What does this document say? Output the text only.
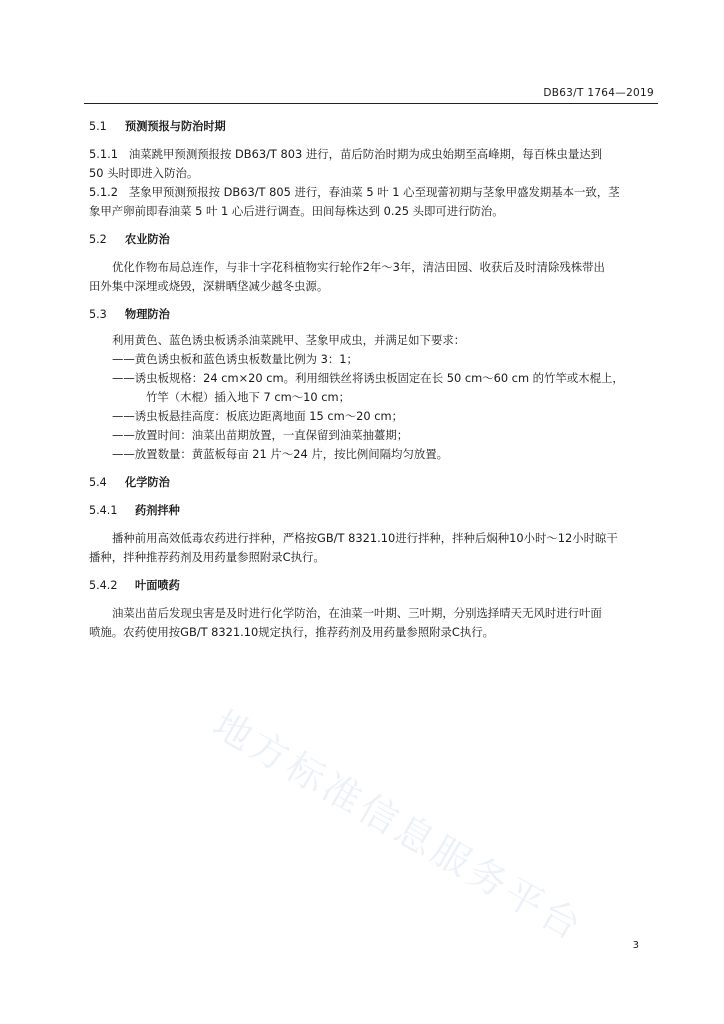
DB63/T 1764—2019

5.1 预测预报与防治时期

5.1.1 油菜跳甲预测预报按 DB63/T 803 进行，苗后防治时期为成虫始期至高峰期，每百株虫量达到

50 头时即进入防治。

5.1.2 茎象甲预测预报按 DB63/T 805 进行，春油菜 5 叶 1 心至现蕾初期与茎象甲盛发期基本一致，茎

象甲产卵前即春油菜 5 叶 1 心后进行调查。田间每株达到 0.25 头即可进行防治。

5.2 农业防治

优化作物布局总连作，与非十字花科植物实行轮作2年～3年，清洁田园、收获后及时清除残株带出

田外集中深埋或烧毁，深耕晒垡减少越冬虫源。

5.3 物理防治

利用黄色、蓝色诱虫板诱杀油菜跳甲、茎象甲成虫，并满足如下要求：

——黄色诱虫板和蓝色诱虫板数量比例为 3：1；

——诱虫板规格：24 cm×20 cm。利用细铁丝将诱虫板固定在长 50 cm～60 cm 的竹竿或木棍上，

竹竿（木棍）插入地下 7 cm～10 cm；

——诱虫板悬挂高度：板底边距离地面 15 cm～20 cm；

——放置时间：油菜出苗期放置，一直保留到油菜抽薹期；

——放置数量：黄蓝板每亩 21 片～24 片，按比例间隔均匀放置。

5.4 化学防治

5.4.1 药剂拌种

播种前用高效低毒农药进行拌种，严格按GB/T 8321.10进行拌种，拌种后焖种10小时～12小时晾干

播种，拌种推荐药剂及用药量参照附录C执行。

5.4.2 叶面喷药

油菜出苗后发现虫害是及时进行化学防治，在油菜一叶期、三叶期，分别选择晴天无风时进行叶面

喷施。农药使用按GB/T 8321.10规定执行，推荐药剂及用药量参照附录C执行。

地方标准信息服务平台	3
